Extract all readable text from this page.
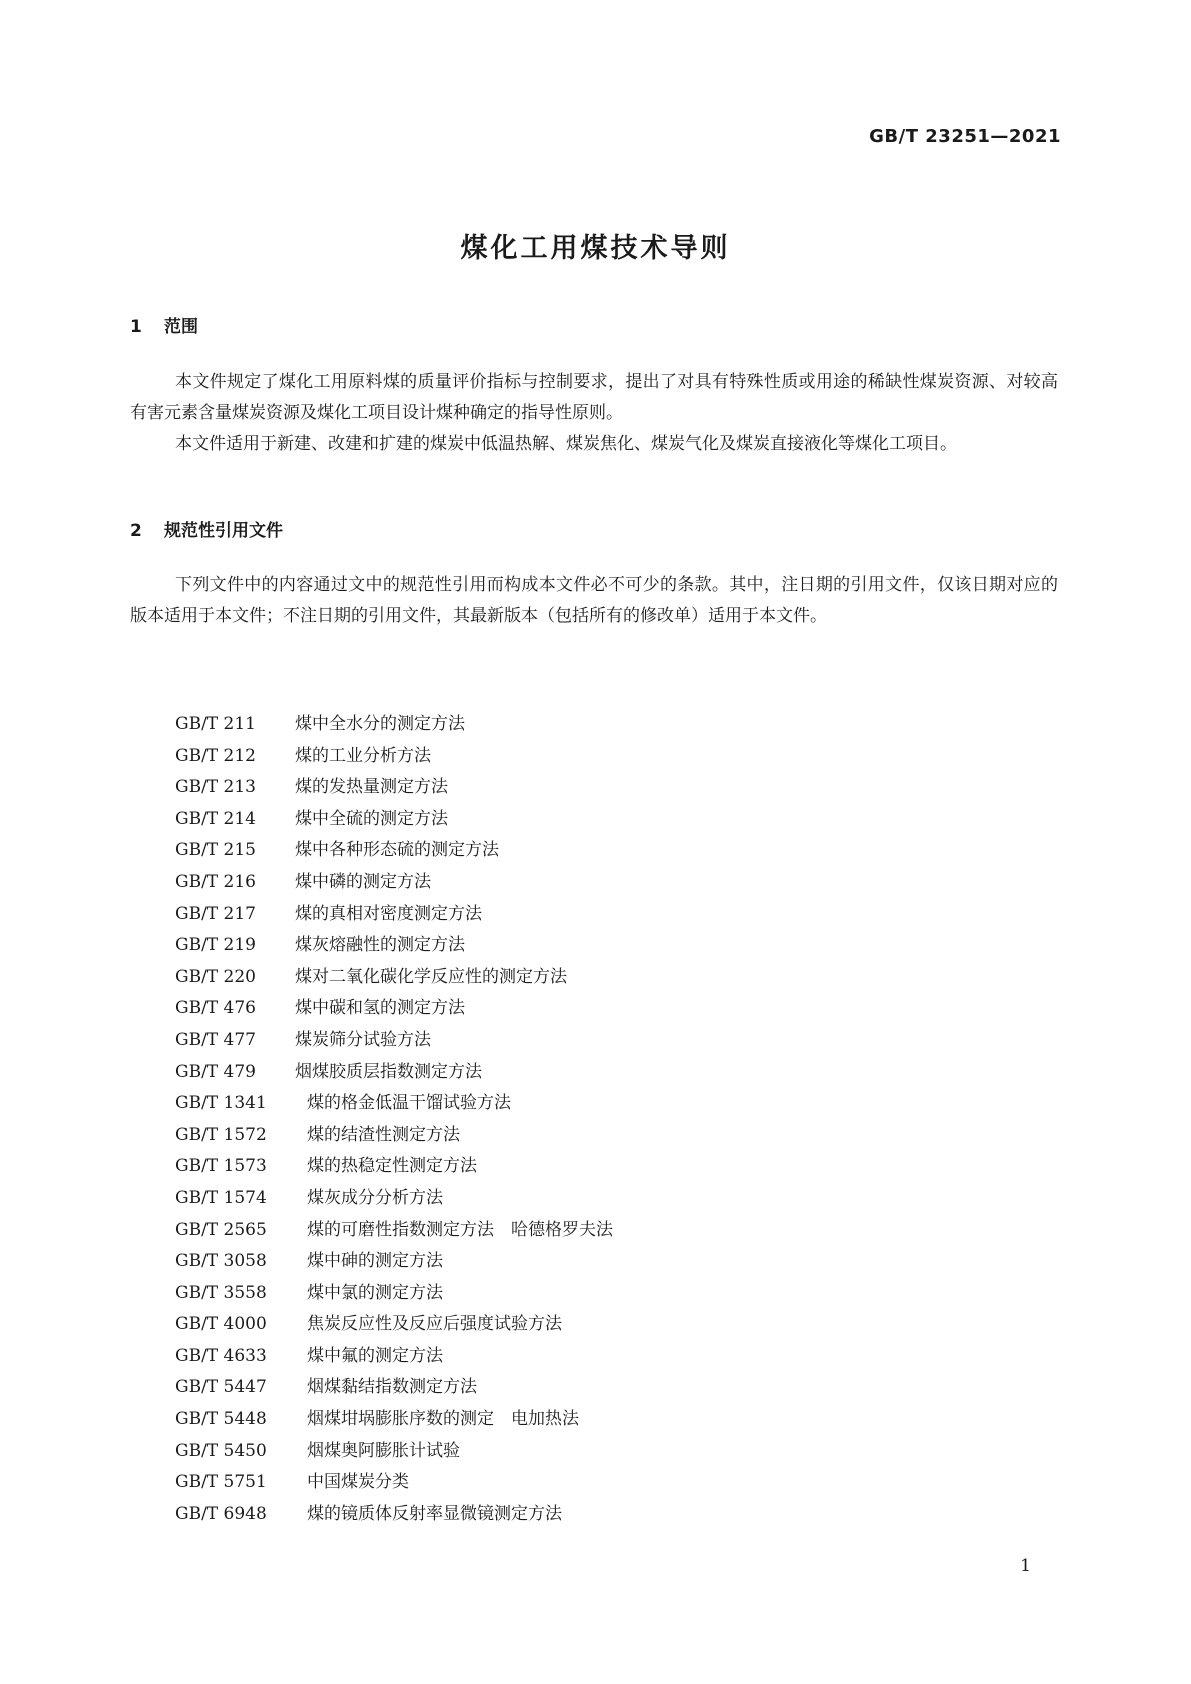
GB/T 23251—2021
煤化工用煤技术导则
1 范围

本文件规定了煤化工用原料煤的质量评价指标与控制要求，提出了对具有特殊性质或用途的稀缺性煤炭资源、对较高有害元素含量煤炭资源及煤化工项目设计煤种确定的指导性原则。

本文件适用于新建、改建和扩建的煤炭中低温热解、煤炭焦化、煤炭气化及煤炭直接液化等煤化工项目。

2 规范性引用文件

下列文件中的内容通过文中的规范性引用而构成本文件必不可少的条款。其中，注日期的引用文件，仅该日期对应的版本适用于本文件；不注日期的引用文件，其最新版本（包括所有的修改单）适用于本文件。

GB/T 211 煤中全水分的测定方法
GB/T 212 煤的工业分析方法
GB/T 213 煤的发热量测定方法
GB/T 214 煤中全硫的测定方法
GB/T 215 煤中各种形态硫的测定方法
GB/T 216 煤中磷的测定方法
GB/T 217 煤的真相对密度测定方法
GB/T 219 煤灰熔融性的测定方法
GB/T 220 煤对二氧化碳化学反应性的测定方法
GB/T 476 煤中碳和氢的测定方法
GB/T 477 煤炭筛分试验方法
GB/T 479 烟煤胶质层指数测定方法
GB/T 1341 煤的格金低温干馏试验方法
GB/T 1572 煤的结渣性测定方法
GB/T 1573 煤的热稳定性测定方法
GB/T 1574 煤灰成分分析方法
GB/T 2565 煤的可磨性指数测定方法　哈德格罗夫法
GB/T 3058 煤中砷的测定方法
GB/T 3558 煤中氯的测定方法
GB/T 4000 焦炭反应性及反应后强度试验方法
GB/T 4633 煤中氟的测定方法
GB/T 5447 烟煤黏结指数测定方法
GB/T 5448 烟煤坩埚膨胀序数的测定　电加热法
GB/T 5450 烟煤奥阿膨胀计试验
GB/T 5751 中国煤炭分类
GB/T 6948 煤的镜质体反射率显微镜测定方法
1
